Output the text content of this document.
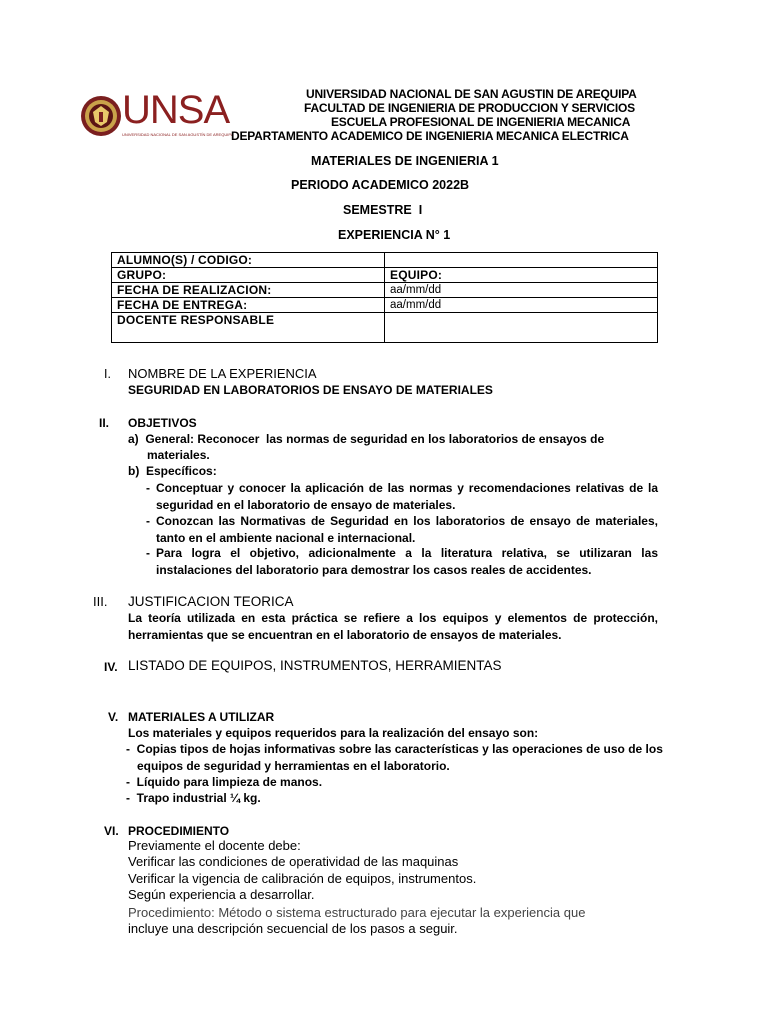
UNSA
UNIVERSIDAD NACIONAL DE SAN AGUSTÍN DE AREQUIPA
UNIVERSIDAD NACIONAL DE SAN AGUSTIN DE AREQUIPA
FACULTAD DE INGENIERIA DE PRODUCCION Y SERVICIOS
ESCUELA PROFESIONAL DE INGENIERIA MECANICA
DEPARTAMENTO ACADEMICO DE INGENIERIA MECANICA ELECTRICA
MATERIALES DE INGENIERIA 1
PERIODO ACADEMICO 2022B
SEMESTRE  I
EXPERIENCIA N° 1
ALUMNO(S) / CODIGO:	
GRUPO:	EQUIPO:
FECHA DE REALIZACION:	aa/mm/dd
FECHA DE ENTREGA:	aa/mm/dd
DOCENTE RESPONSABLE	
I. NOMBRE DE LA EXPERIENCIA
SEGURIDAD EN LABORATORIOS DE ENSAYO DE MATERIALES
II. OBJETIVOS
a)  General: Reconocer  las normas de seguridad en los laboratorios de ensayos de
materiales.
b)  Específicos:
- Conceptuar y conocer la aplicación de las normas y recomendaciones relativas de la
seguridad en el laboratorio de ensayo de materiales.
- Conozcan las Normativas de Seguridad en los laboratorios de ensayo de materiales,
tanto en el ambiente nacional e internacional.
- Para logra el objetivo, adicionalmente a la literatura relativa, se utilizaran las
instalaciones del laboratorio para demostrar los casos reales de accidentes.
III. JUSTIFICACION TEORICA
La teoría utilizada en esta práctica se refiere a los equipos y elementos de protección,
herramientas que se encuentran en el laboratorio de ensayos de materiales.
IV. LISTADO DE EQUIPOS, INSTRUMENTOS, HERRAMIENTAS
V. MATERIALES A UTILIZAR
Los materiales y equipos requeridos para la realización del ensayo son:
-  Copias tipos de hojas informativas sobre las características y las operaciones de uso de los
equipos de seguridad y herramientas en el laboratorio.
-  Líquido para limpieza de manos.
-  Trapo industrial ¼ kg.
VI. PROCEDIMIENTO
Previamente el docente debe:
Verificar las condiciones de operatividad de las maquinas
Verificar la vigencia de calibración de equipos, instrumentos.
Según experiencia a desarrollar.
Procedimiento: Método o sistema estructurado para ejecutar la experiencia que
incluye una descripción secuencial de los pasos a seguir.
